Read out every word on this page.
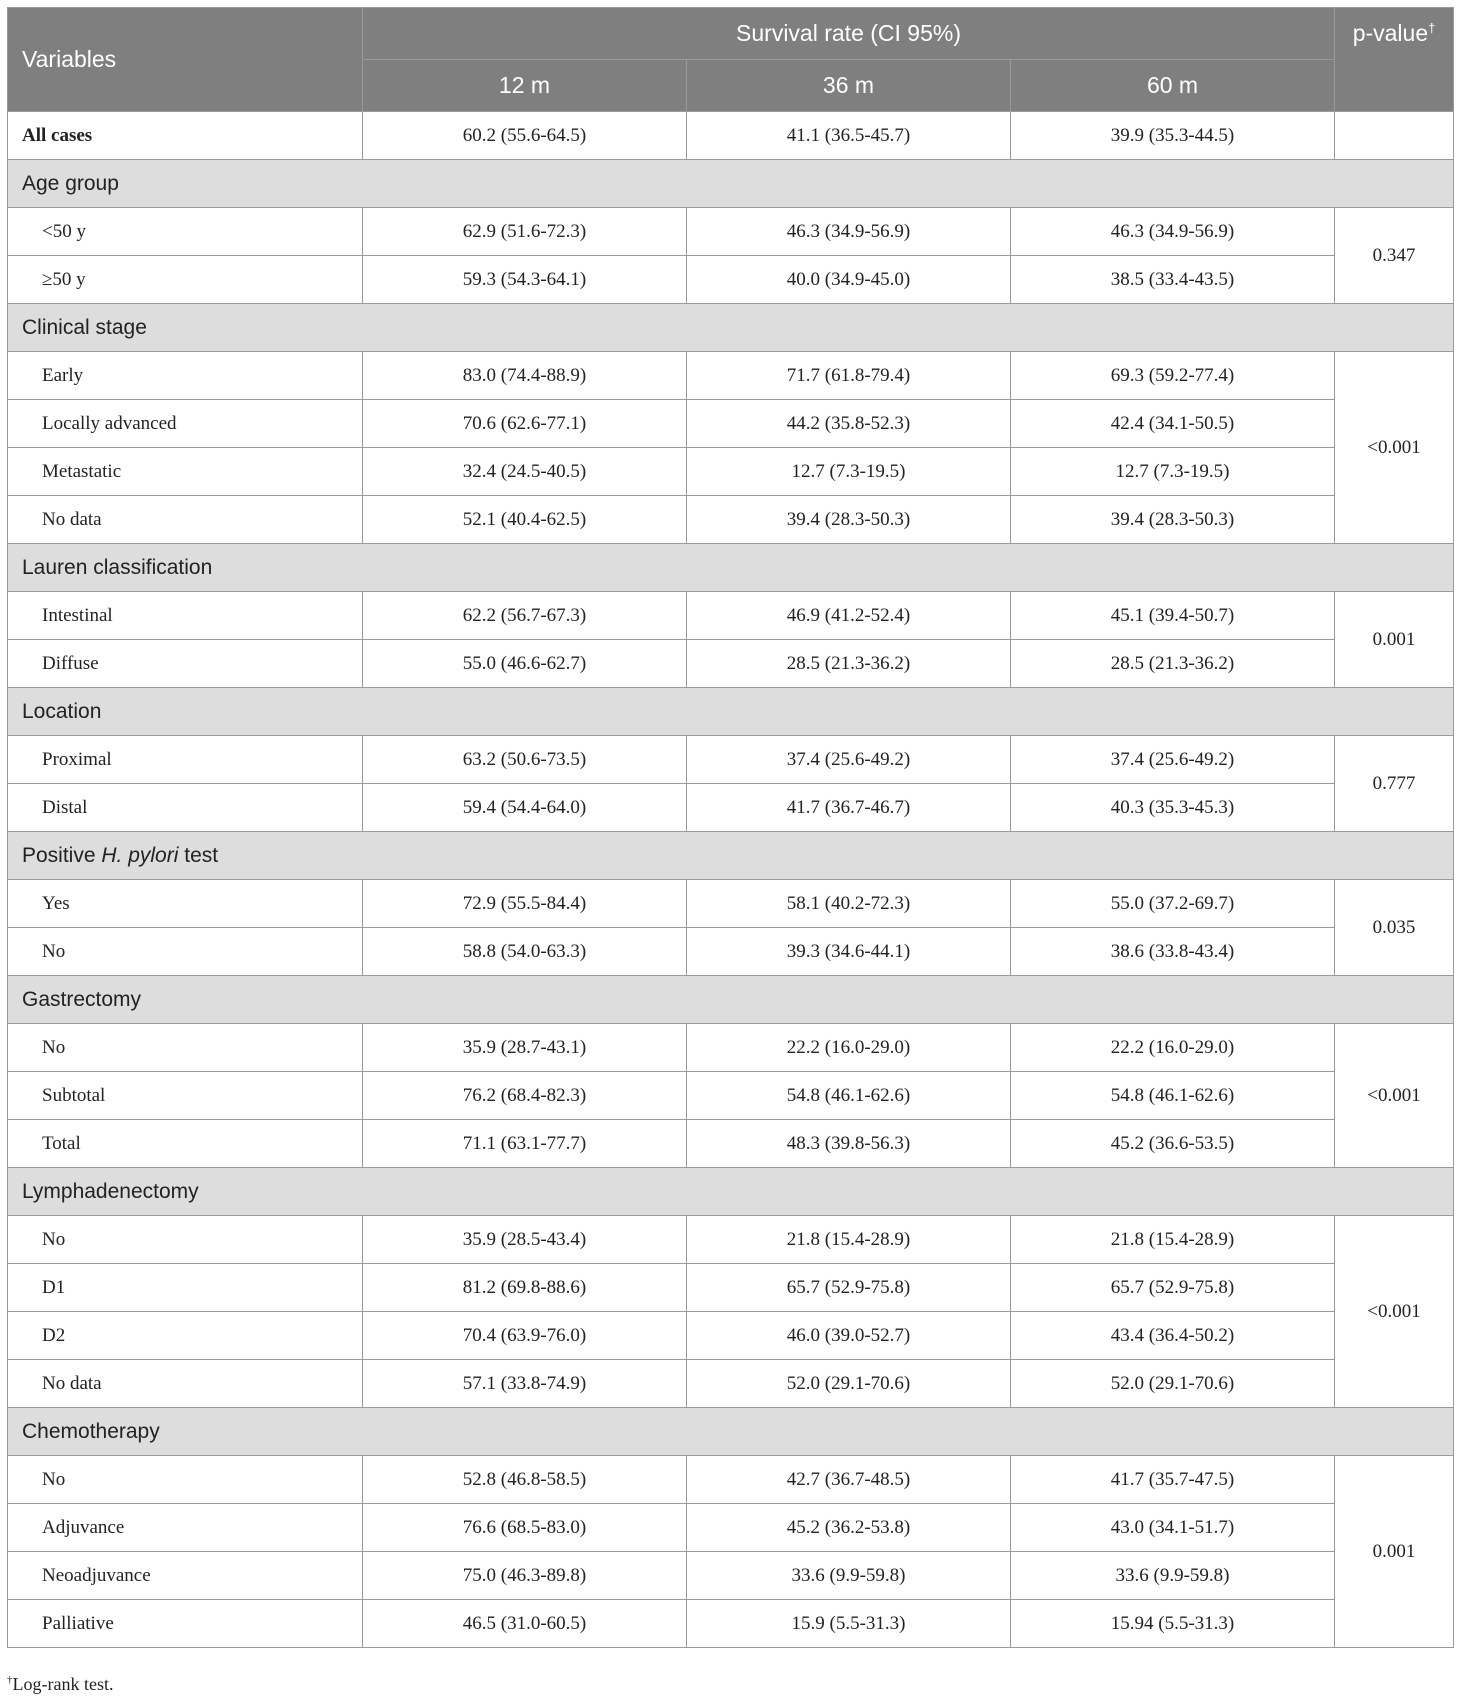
Variables	Survival rate (CI 95%)			p-value†
	12 m	36 m	60 m	
All cases	60.2 (55.6-64.5)	41.1 (36.5-45.7)	39.9 (35.3-44.5)	
Age group				
<50 y	62.9 (51.6-72.3)	46.3 (34.9-56.9)	46.3 (34.9-56.9)	0.347
≥50 y	59.3 (54.3-64.1)	40.0 (34.9-45.0)	38.5 (33.4-43.5)	
Clinical stage				
Early	83.0 (74.4-88.9)	71.7 (61.8-79.4)	69.3 (59.2-77.4)	<0.001
Locally advanced	70.6 (62.6-77.1)	44.2 (35.8-52.3)	42.4 (34.1-50.5)	
Metastatic	32.4 (24.5-40.5)	12.7 (7.3-19.5)	12.7 (7.3-19.5)	
No data	52.1 (40.4-62.5)	39.4 (28.3-50.3)	39.4 (28.3-50.3)	
Lauren classification				
Intestinal	62.2 (56.7-67.3)	46.9 (41.2-52.4)	45.1 (39.4-50.7)	0.001
Diffuse	55.0 (46.6-62.7)	28.5 (21.3-36.2)	28.5 (21.3-36.2)	
Location				
Proximal	63.2 (50.6-73.5)	37.4 (25.6-49.2)	37.4 (25.6-49.2)	0.777
Distal	59.4 (54.4-64.0)	41.7 (36.7-46.7)	40.3 (35.3-45.3)	
Positive H. pylori test				
Yes	72.9 (55.5-84.4)	58.1 (40.2-72.3)	55.0 (37.2-69.7)	0.035
No	58.8 (54.0-63.3)	39.3 (34.6-44.1)	38.6 (33.8-43.4)	
Gastrectomy				
No	35.9 (28.7-43.1)	22.2 (16.0-29.0)	22.2 (16.0-29.0)	<0.001
Subtotal	76.2 (68.4-82.3)	54.8 (46.1-62.6)	54.8 (46.1-62.6)	
Total	71.1 (63.1-77.7)	48.3 (39.8-56.3)	45.2 (36.6-53.5)	
Lymphadenectomy				
No	35.9 (28.5-43.4)	21.8 (15.4-28.9)	21.8 (15.4-28.9)	<0.001
D1	81.2 (69.8-88.6)	65.7 (52.9-75.8)	65.7 (52.9-75.8)	
D2	70.4 (63.9-76.0)	46.0 (39.0-52.7)	43.4 (36.4-50.2)	
No data	57.1 (33.8-74.9)	52.0 (29.1-70.6)	52.0 (29.1-70.6)	
Chemotherapy				
No	52.8 (46.8-58.5)	42.7 (36.7-48.5)	41.7 (35.7-47.5)	0.001
Adjuvance	76.6 (68.5-83.0)	45.2 (36.2-53.8)	43.0 (34.1-51.7)	
Neoadjuvance	75.0 (46.3-89.8)	33.6 (9.9-59.8)	33.6 (9.9-59.8)	
Palliative	46.5 (31.0-60.5)	15.9 (5.5-31.3)	15.94 (5.5-31.3)	
†Log-rank test.
